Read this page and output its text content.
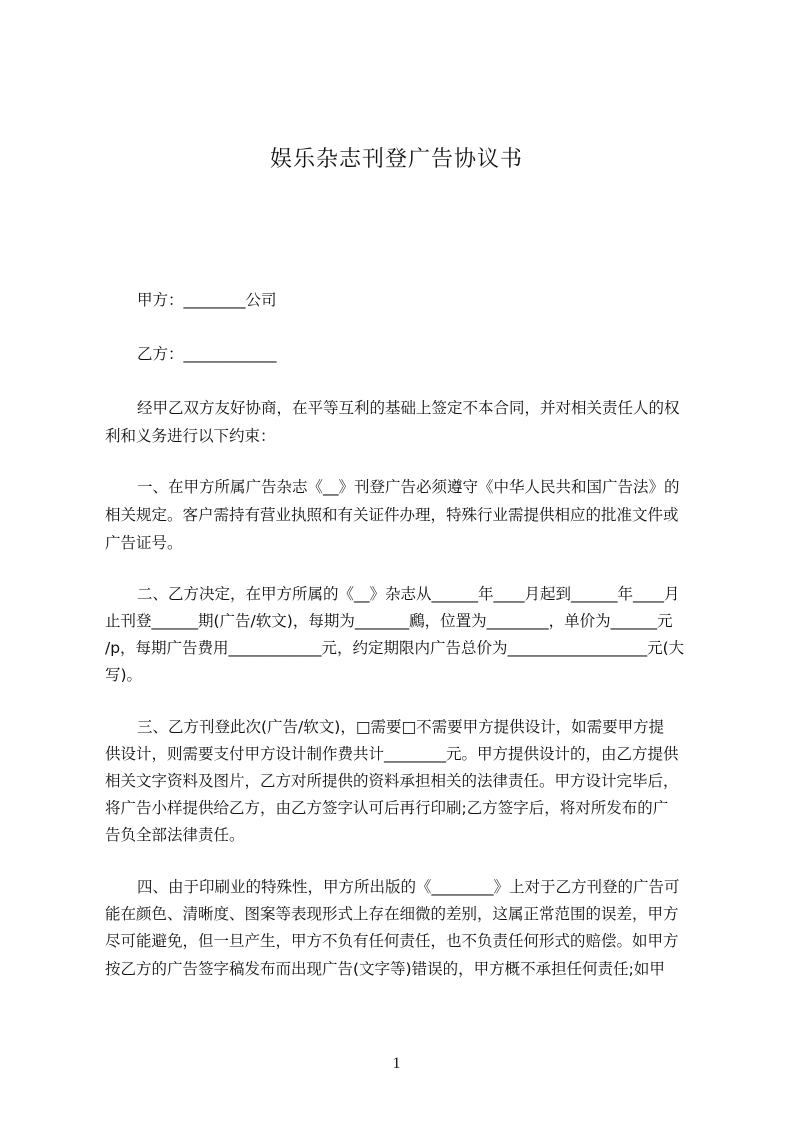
娱乐杂志刊登广告协议书
甲方：________公司
乙方：____________
经甲乙双方友好协商，在平等互利的基础上签定不本合同，并对相关责任人的权
利和义务进行以下约束：
一、在甲方所属广告杂志《__》刊登广告必须遵守《中华人民共和国广告法》的
相关规定。客户需持有营业执照和有关证件办理，特殊行业需提供相应的批准文件或
广告证号。
二、乙方决定，在甲方所属的《__》杂志从______年____月起到______年____月
止刊登______期(广告/软文)，每期为_______鷉，位置为________，单价为______元
/p，每期广告费用____________元，约定期限内广告总价为__________________元(大
写)。
三、乙方刊登此次(广告/软文)，□需要□不需要甲方提供设计，如需要甲方提
供设计，则需要支付甲方设计制作费共计________元。甲方提供设计的，由乙方提供
相关文字资料及图片，乙方对所提供的资料承担相关的法律责任。甲方设计完毕后，
将广告小样提供给乙方，由乙方签字认可后再行印刷;乙方签字后，将对所发布的广
告负全部法律责任。
四、由于印刷业的特殊性，甲方所出版的《________》上对于乙方刊登的广告可
能在颜色、清晰度、图案等表现形式上存在细微的差别，这属正常范围的误差，甲方
尽可能避免，但一旦产生，甲方不负有任何责任，也不负责任何形式的赔偿。如甲方
按乙方的广告签字稿发布而出现广告(文字等)错误的，甲方概不承担任何责任;如甲
1
